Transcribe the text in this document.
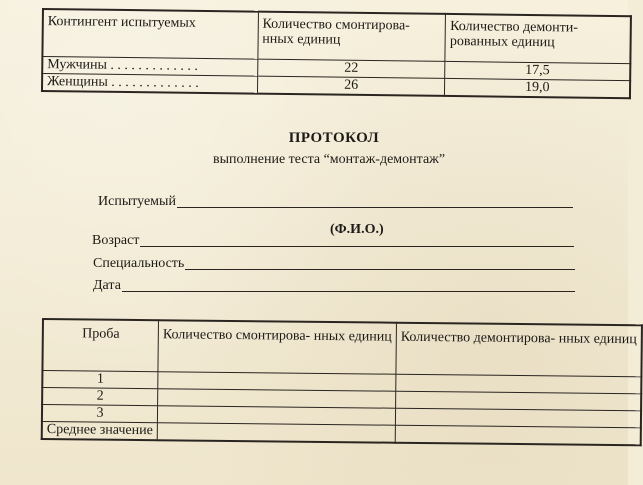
Контингент испытуемых	Количество смонтирова-
нных единиц	Количество демонти-
рованных единиц

Мужчины . . . . . . . . . . . . .	22	17,5
Женщины . . . . . . . . . . . . .	26	19,0
ПРОТОКОЛ
выполнение теста “монтаж-демонтаж”
Испытуемый
(Ф.И.О.)
Возраст
Специальность
Дата
Проба	Количество смонтирова- нных единиц	Количество демонтирова- нных единиц
1		
2		
3		
Среднее значение		
